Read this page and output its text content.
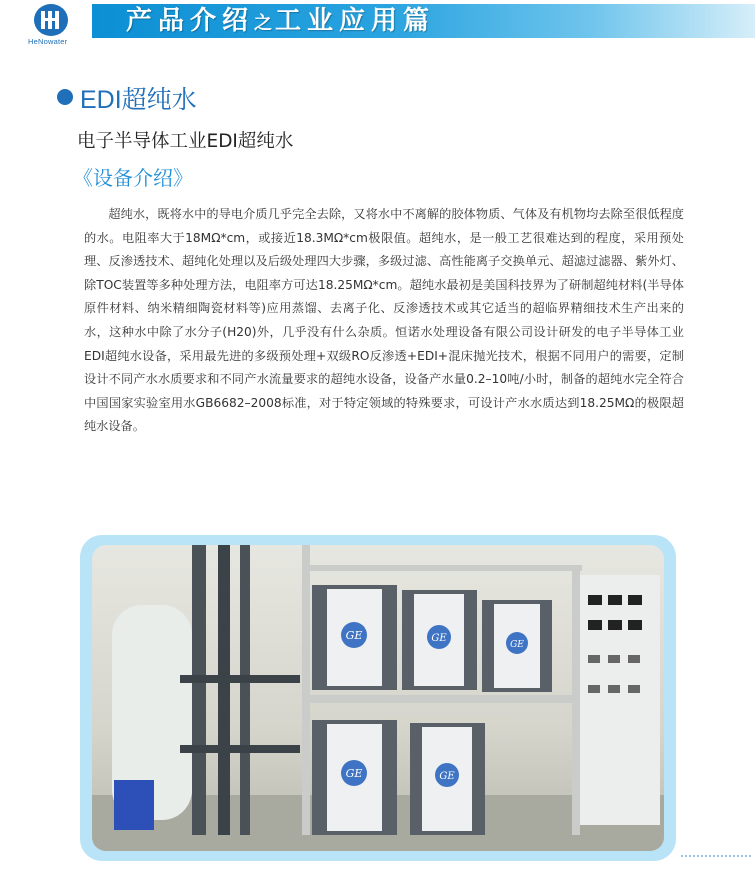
HeNowater
产品介绍之工业应用篇
EDI超纯水
电子半导体工业EDI超纯水
《设备介绍》
超纯水，既将水中的导电介质几乎完全去除，又将水中不离解的胶体物质、气体及有机物均去除至很低程度的水。电阻率大于18MΩ*cm，或接近18.3MΩ*cm极限值。超纯水，是一般工艺很难达到的程度，采用预处理、反渗透技术、超纯化处理以及后级处理四大步骤，多级过滤、高性能离子交换单元、超滤过滤器、紫外灯、除TOC装置等多种处理方法，电阻率方可达18.25MΩ*cm。超纯水最初是美国科技界为了研制超纯材料(半导体原件材料、纳米精细陶瓷材料等)应用蒸馏、去离子化、反渗透技术或其它适当的超临界精细技术生产出来的水，这种水中除了水分子(H20)外，几乎没有什么杂质。恒诺水处理设备有限公司设计研发的电子半导体工业EDI超纯水设备，采用最先进的多级预处理+双级RO反渗透+EDI+混床抛光技术，根据不同用户的需要，定制设计不同产水水质要求和不同产水流量要求的超纯水设备，设备产水量0.2–10吨/小时，制备的超纯水完全符合中国国家实验室用水GB6682–2008标准，对于特定领域的特殊要求，可设计产水水质达到18.25MΩ的极限超纯水设备。
GE	GE
GE
GE	GE
